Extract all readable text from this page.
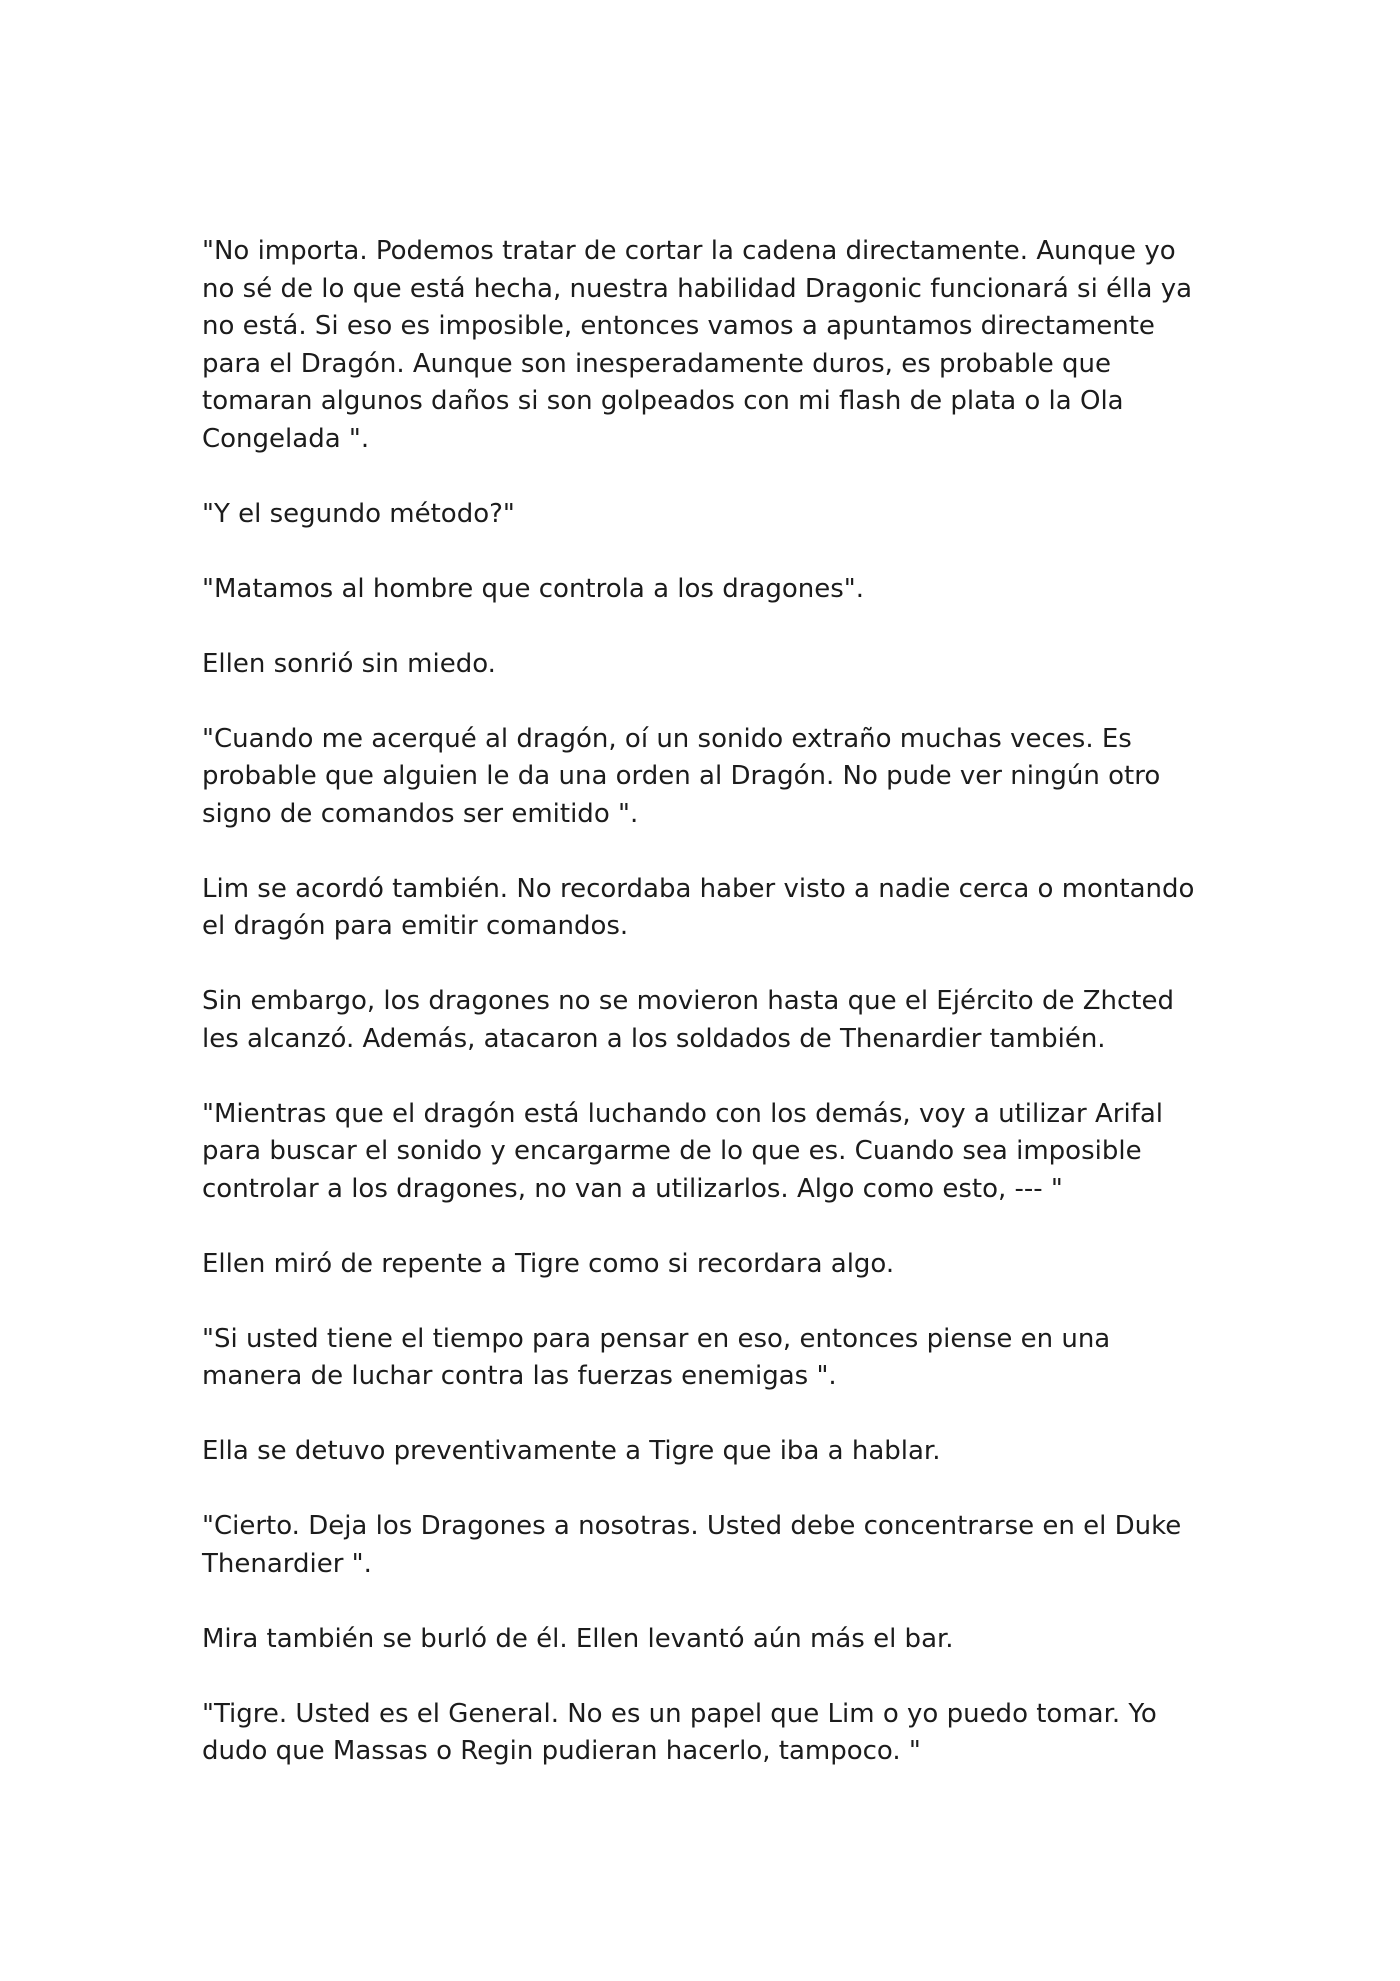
"No importa. Podemos tratar de cortar la cadena directamente. Aunque yo no sé de lo que está hecha, nuestra habilidad Dragonic funcionará si élla ya no está. Si eso es imposible, entonces vamos a apuntamos directamente para el Dragón. Aunque son inesperadamente duros, es probable que tomaran algunos daños si son golpeados con mi flash de plata o la Ola Congelada ".

"Y el segundo método?"

"Matamos al hombre que controla a los dragones".

Ellen sonrió sin miedo.

"Cuando me acerqué al dragón, oí un sonido extraño muchas veces. Es probable que alguien le da una orden al Dragón. No pude ver ningún otro signo de comandos ser emitido ".

Lim se acordó también. No recordaba haber visto a nadie cerca o montando el dragón para emitir comandos.

Sin embargo, los dragones no se movieron hasta que el Ejército de Zhcted les alcanzó. Además, atacaron a los soldados de Thenardier también.

"Mientras que el dragón está luchando con los demás, voy a utilizar Arifal para buscar el sonido y encargarme de lo que es. Cuando sea imposible controlar a los dragones, no van a utilizarlos. Algo como esto, --- "

Ellen miró de repente a Tigre como si recordara algo.

"Si usted tiene el tiempo para pensar en eso, entonces piense en una manera de luchar contra las fuerzas enemigas ".

Ella se detuvo preventivamente a Tigre que iba a hablar.

"Cierto. Deja los Dragones a nosotras. Usted debe concentrarse en el Duke Thenardier ".

Mira también se burló de él. Ellen levantó aún más el bar.

"Tigre. Usted es el General. No es un papel que Lim o yo puedo tomar. Yo dudo que Massas o Regin pudieran hacerlo, tampoco. "
